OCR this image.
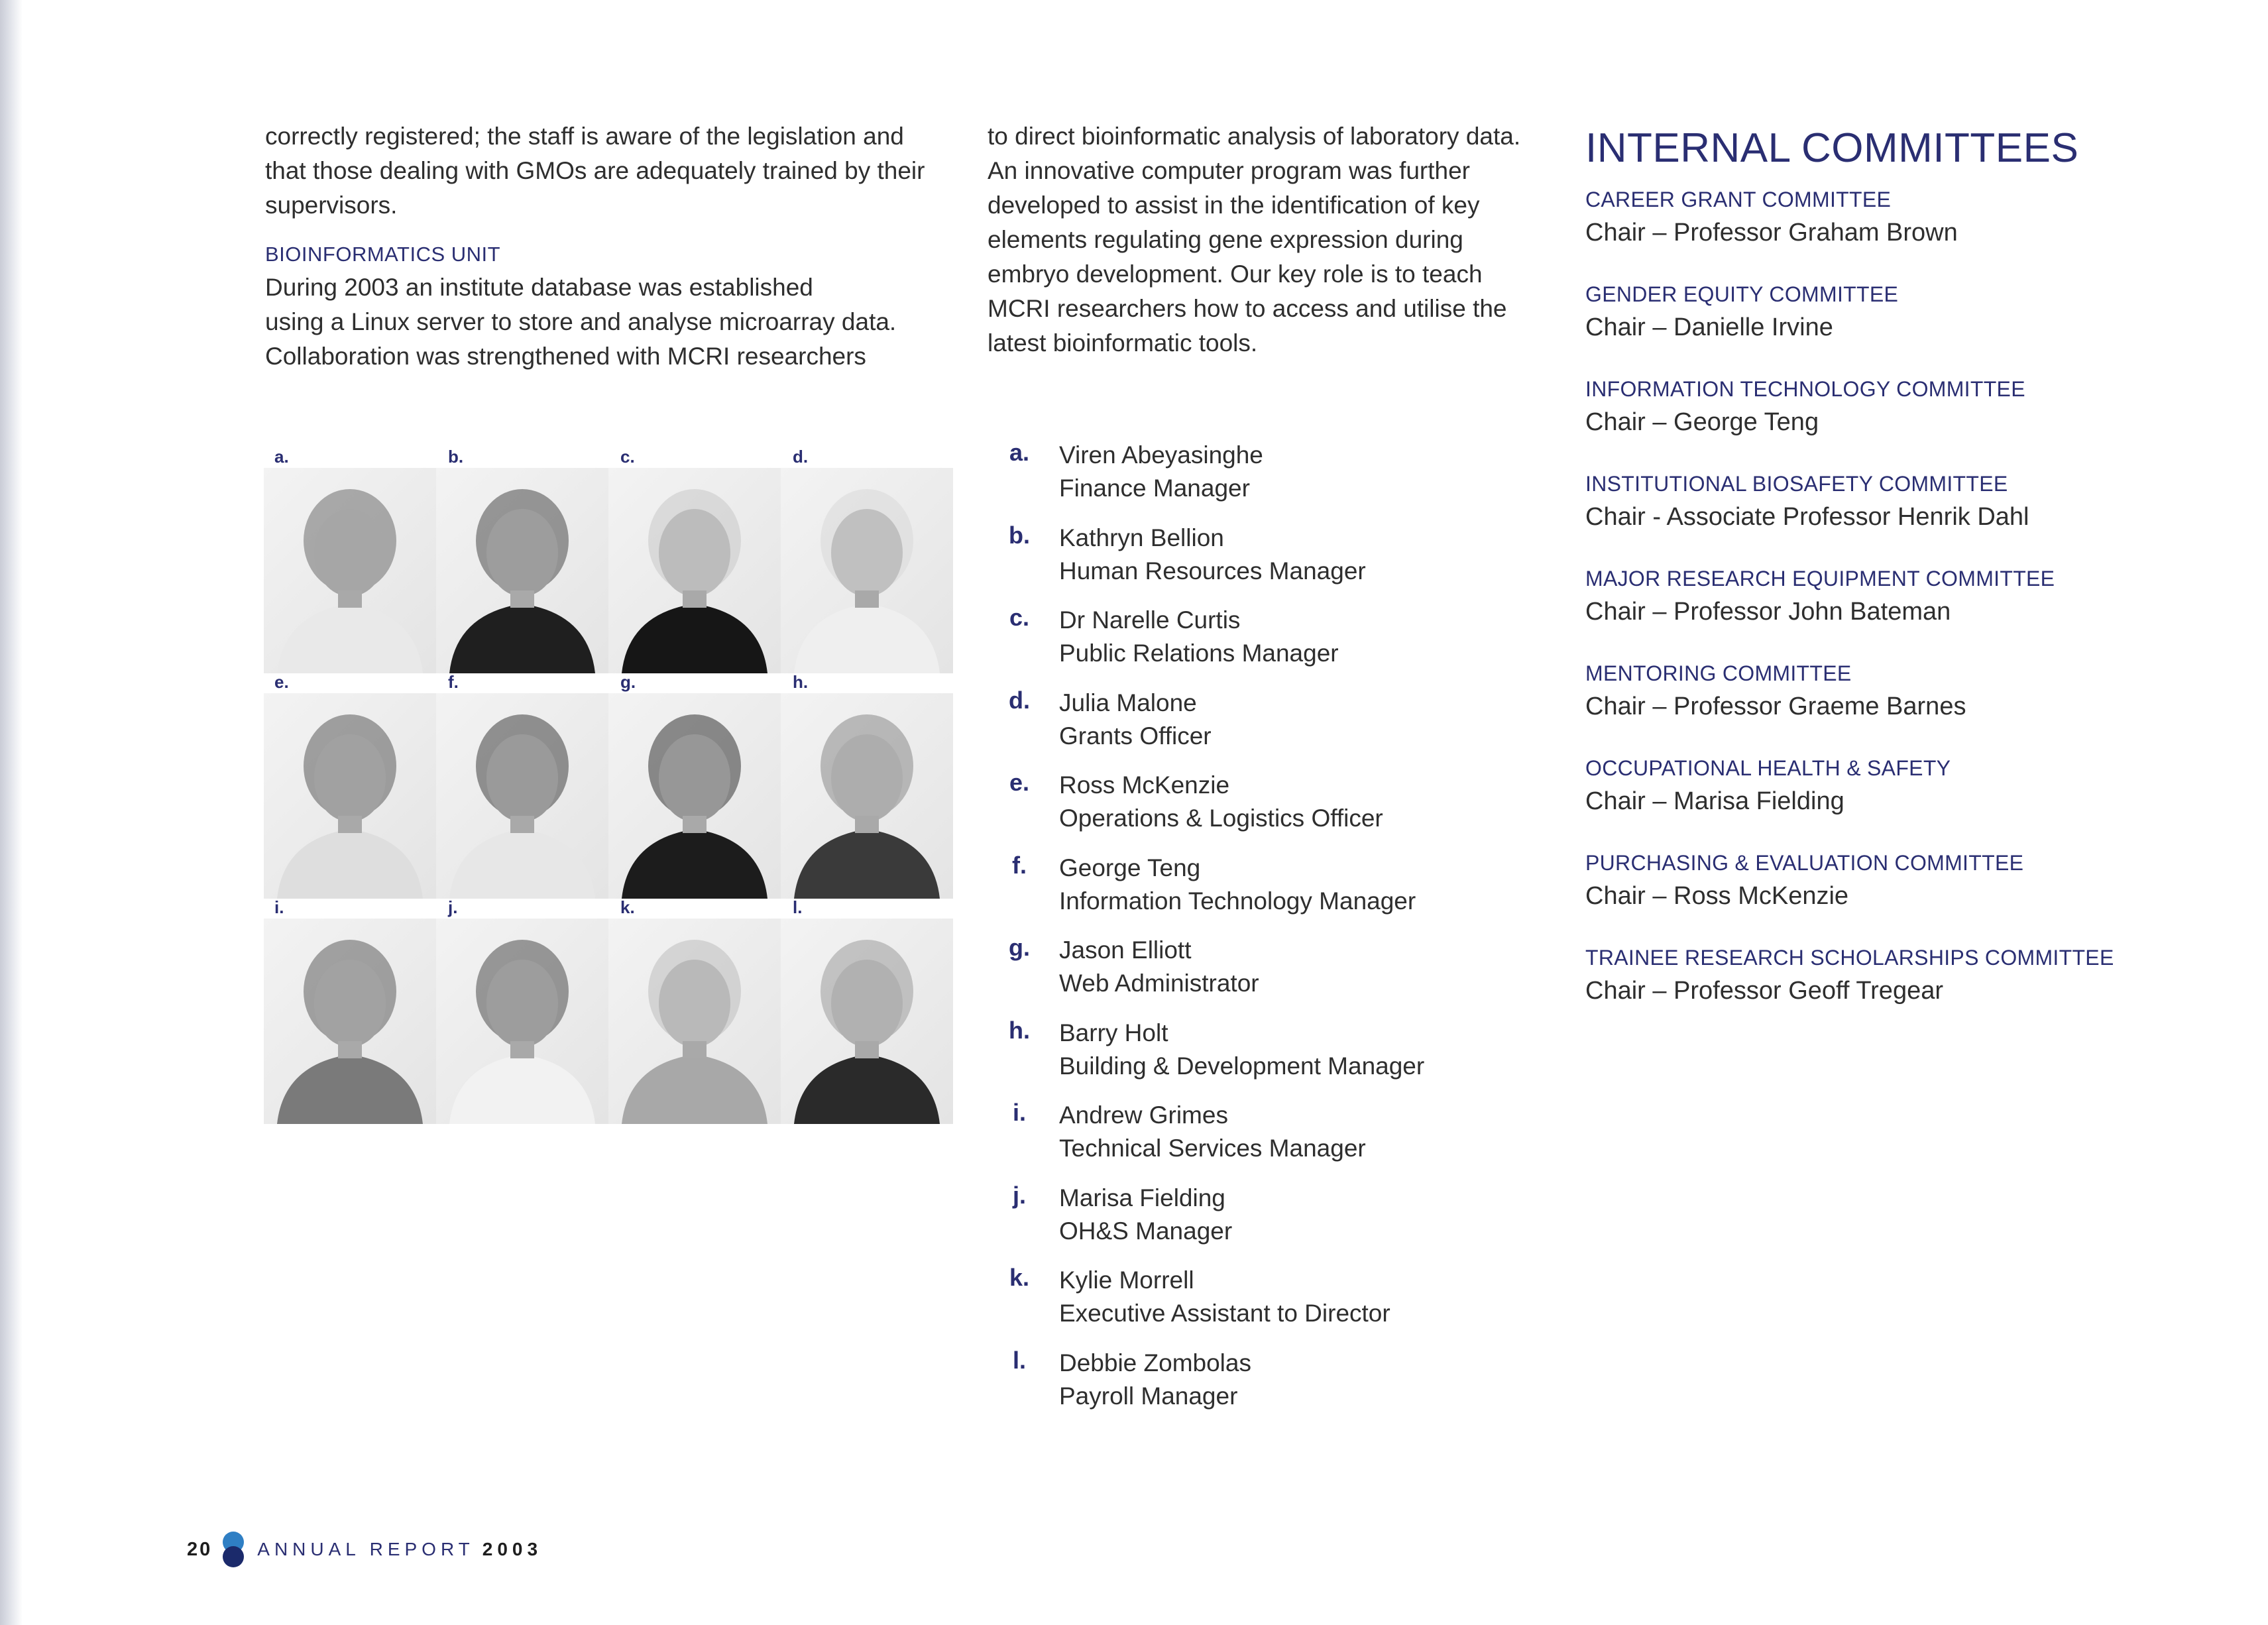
correctly registered; the staff is aware of the legislation and
that those dealing with GMOs are adequately trained by their
supervisors.

BIOINFORMATICS UNIT

During 2003 an institute database was established
using a Linux server to store and analyse microarray data.
Collaboration was strengthened with MCRI researchers

to direct bioinformatic analysis of laboratory data.
An innovative computer program was further
developed to assist in the identification of key
elements regulating gene expression during
embryo development. Our key role is to teach
MCRI researchers how to access and utilise the
latest bioinformatic tools.

a.	b.	c.	d.
e.	f.	g.	h.
i.	j.	k.	l.
a.	Viren Abeyasinghe
Finance Manager
b.	Kathryn Bellion
Human Resources Manager
c.	Dr Narelle Curtis
Public Relations Manager
d.	Julia Malone
Grants Officer
e.	Ross McKenzie
Operations & Logistics Officer
f.	George Teng
Information Technology Manager
g.	Jason Elliott
Web Administrator
h.	Barry Holt
Building & Development Manager
i.	Andrew Grimes
Technical Services Manager
j.	Marisa Fielding
OH&S Manager
k.	Kylie Morrell
Executive Assistant to Director
l.	Debbie Zombolas
Payroll Manager
INTERNAL COMMITTEES
CAREER GRANT COMMITTEE
Chair – Professor Graham Brown
GENDER EQUITY COMMITTEE
Chair – Danielle Irvine
INFORMATION TECHNOLOGY COMMITTEE
Chair – George Teng
INSTITUTIONAL BIOSAFETY COMMITTEE
Chair - Associate Professor Henrik Dahl
MAJOR RESEARCH EQUIPMENT COMMITTEE
Chair – Professor John Bateman
MENTORING COMMITTEE
Chair – Professor Graeme Barnes
OCCUPATIONAL HEALTH & SAFETY
Chair – Marisa Fielding
PURCHASING & EVALUATION COMMITTEE
Chair – Ross McKenzie
TRAINEE RESEARCH SCHOLARSHIPS COMMITTEE
Chair – Professor Geoff Tregear
20 ANNUAL REPORT 2003
